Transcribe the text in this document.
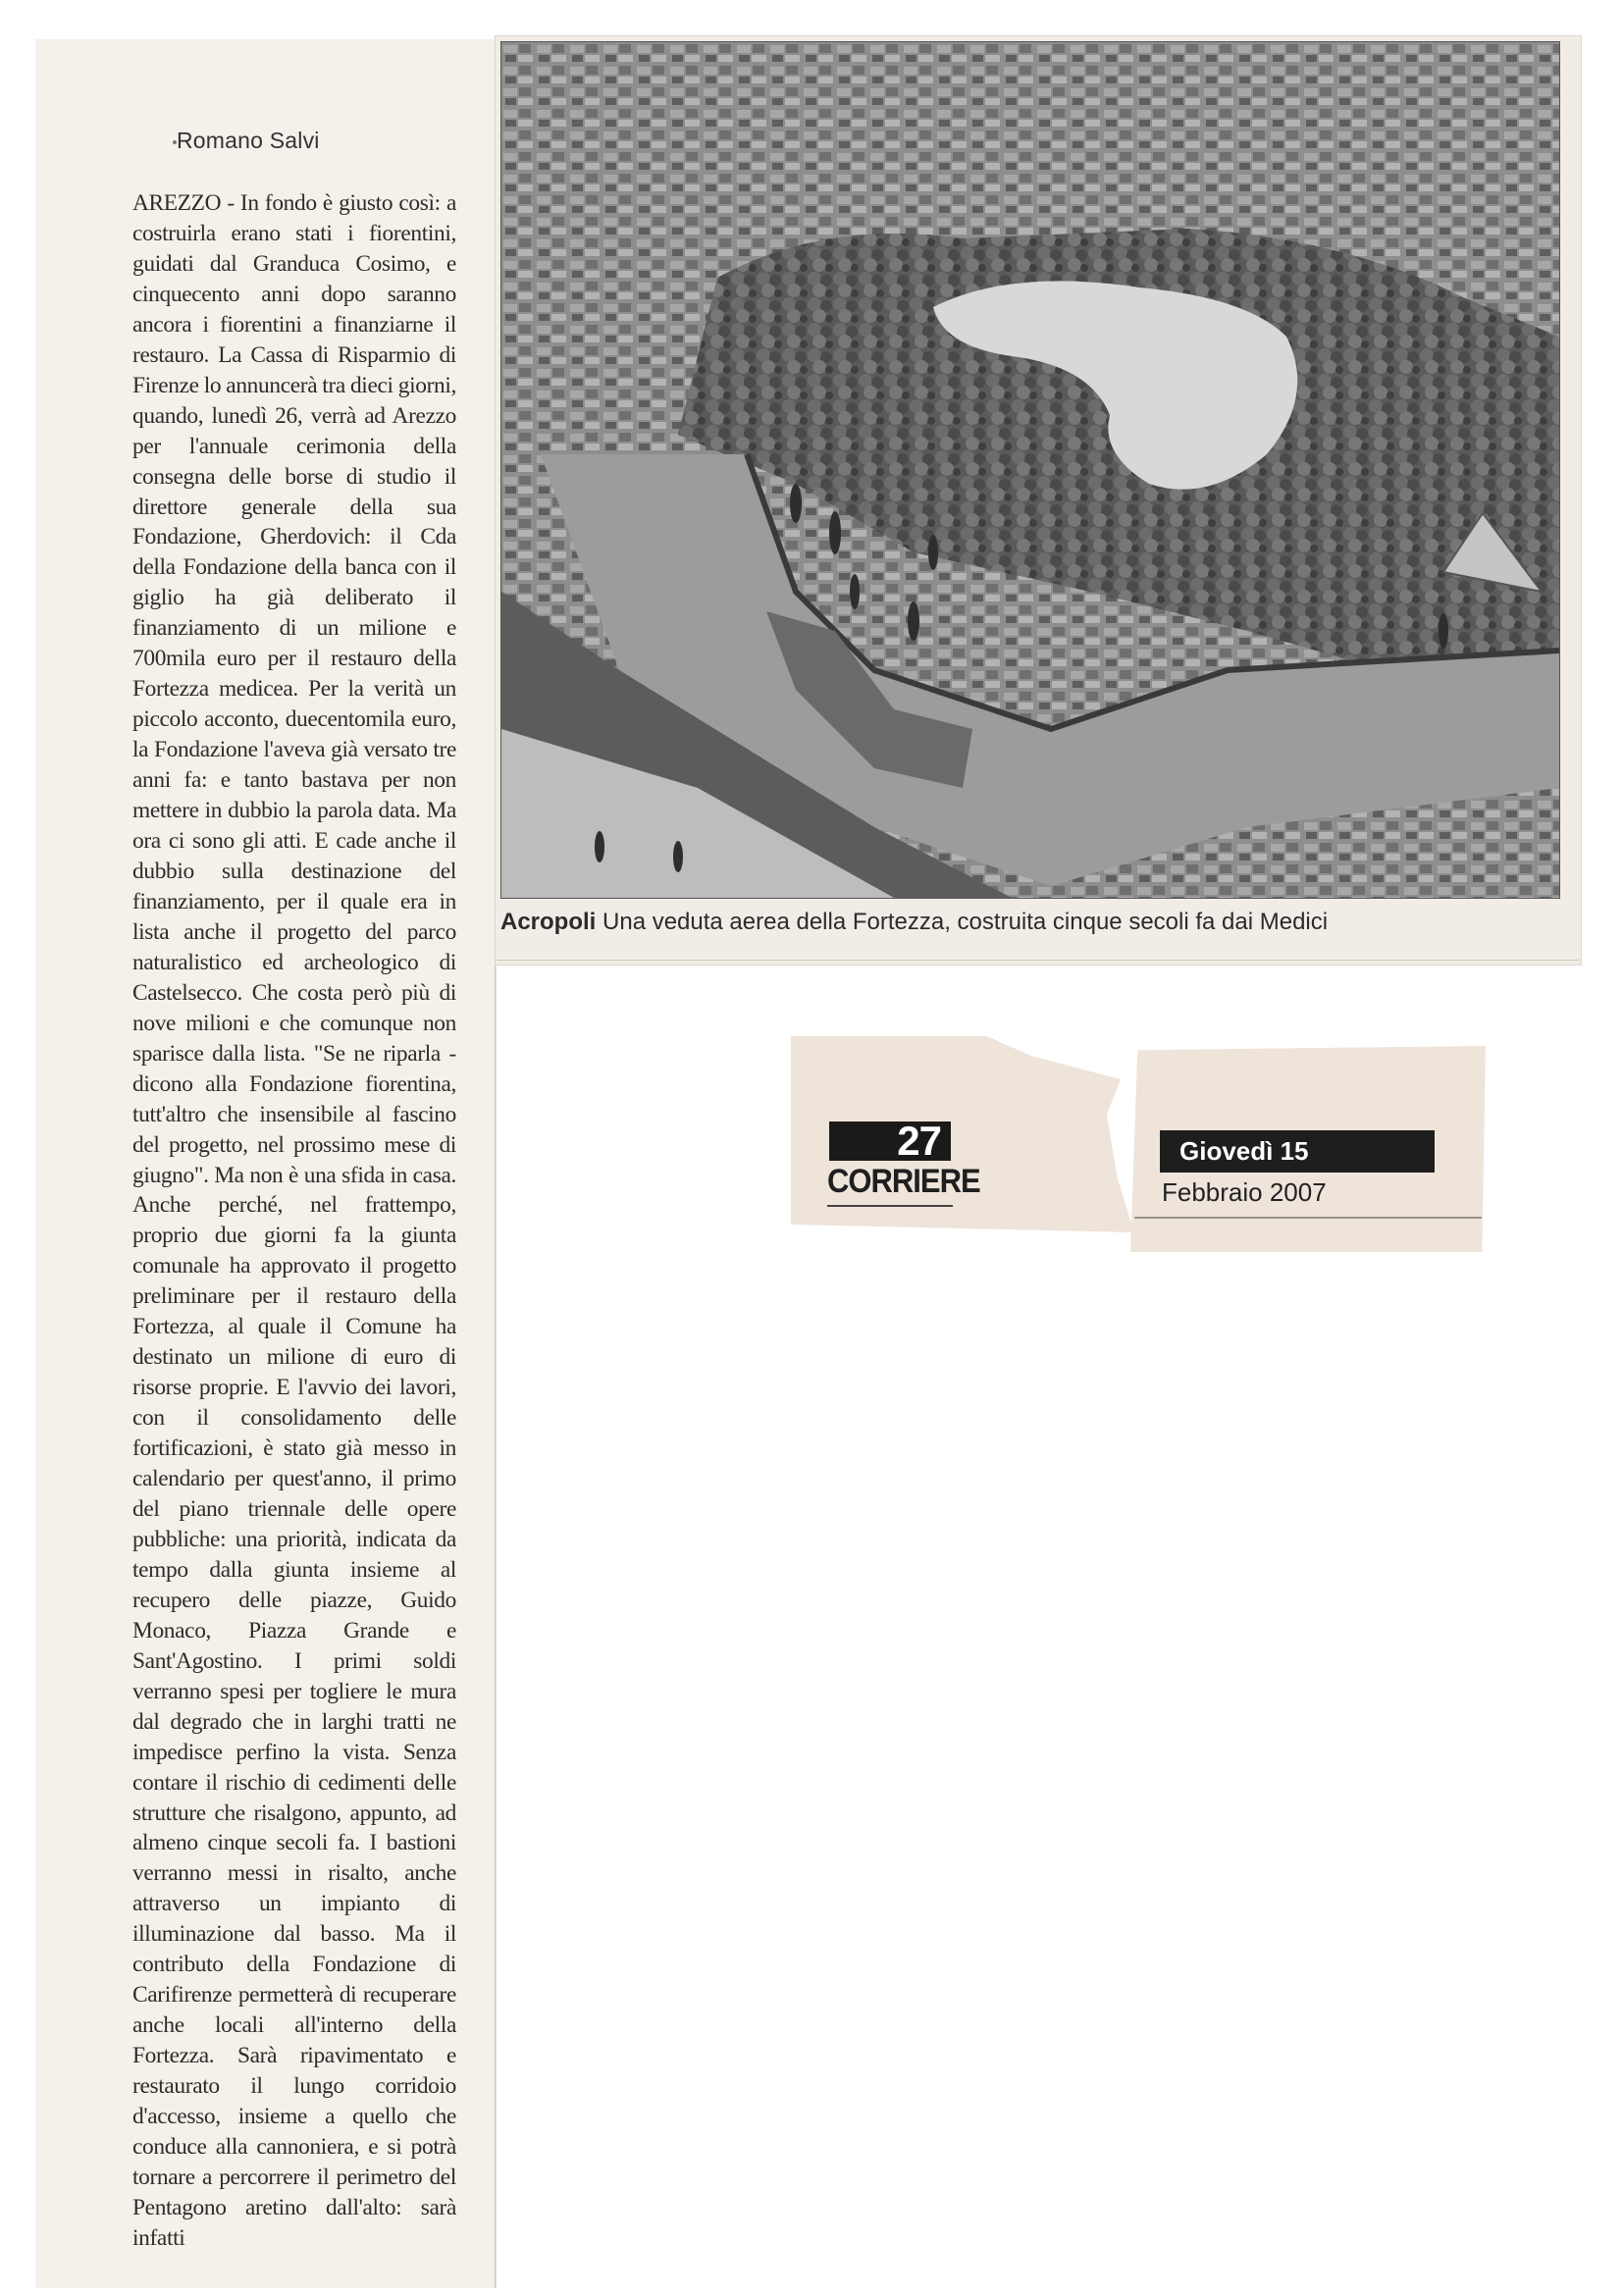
Romano Salvi
AREZZO - In fondo è giusto così: a costruirla erano stati i fiorentini, guidati dal Granduca Cosimo, e cinquecento anni dopo saranno ancora i fiorentini a finanziarne il restauro. La Cassa di Risparmio di Firenze lo annuncerà tra dieci giorni, quando, lunedì 26, verrà ad Arezzo per l'annuale cerimonia della consegna delle borse di studio il direttore generale della sua Fondazione, Gherdovich: il Cda della Fondazione della banca con il giglio ha già deliberato il finanziamento di un milione e 700mila euro per il restauro della Fortezza medicea. Per la verità un piccolo acconto, duecentomila euro, la Fondazione l'aveva già versato tre anni fa: e tanto bastava per non mettere in dubbio la parola data. Ma ora ci sono gli atti. E cade anche il dubbio sulla destinazione del finanziamento, per il quale era in lista anche il progetto del parco naturalistico ed archeologico di Castelsecco. Che costa però più di nove milioni e che comunque non sparisce dalla lista. "Se ne riparla - dicono alla Fondazione fiorentina, tutt'altro che insensibile al fascino del progetto, nel prossimo mese di giugno". Ma non è una sfida in casa. Anche perché, nel frattempo, proprio due giorni fa la giunta comunale ha approvato il progetto preliminare per il restauro della Fortezza, al quale il Comune ha destinato un milione di euro di risorse proprie. E l'avvio dei lavori, con il consolidamento delle fortificazioni, è stato già messo in calendario per quest'anno, il primo del piano triennale delle opere pubbliche: una priorità, indicata da tempo dalla giunta insieme al recupero delle piazze, Guido Monaco, Piazza Grande e Sant'Agostino. I primi soldi verranno spesi per togliere le mura dal degrado che in larghi tratti ne impedisce perfino la vista. Senza contare il rischio di cedimenti delle strutture che risalgono, appunto, ad almeno cinque secoli fa. I bastioni verranno messi in risalto, anche attraverso un impianto di illuminazione dal basso. Ma il contributo della Fondazione di Carifirenze permetterà di recuperare anche locali all'interno della Fortezza. Sarà ripavimentato e restaurato il lungo corridoio d'accesso, insieme a quello che conduce alla cannoniera, e si potrà tornare a percorrere il perimetro del Pentagono aretino dall'alto: sarà infatti
Acropoli Una veduta aerea della Fortezza, costruita cinque secoli fa dai Medici
27
CORRIERE
Giovedì 15
Febbraio 2007
